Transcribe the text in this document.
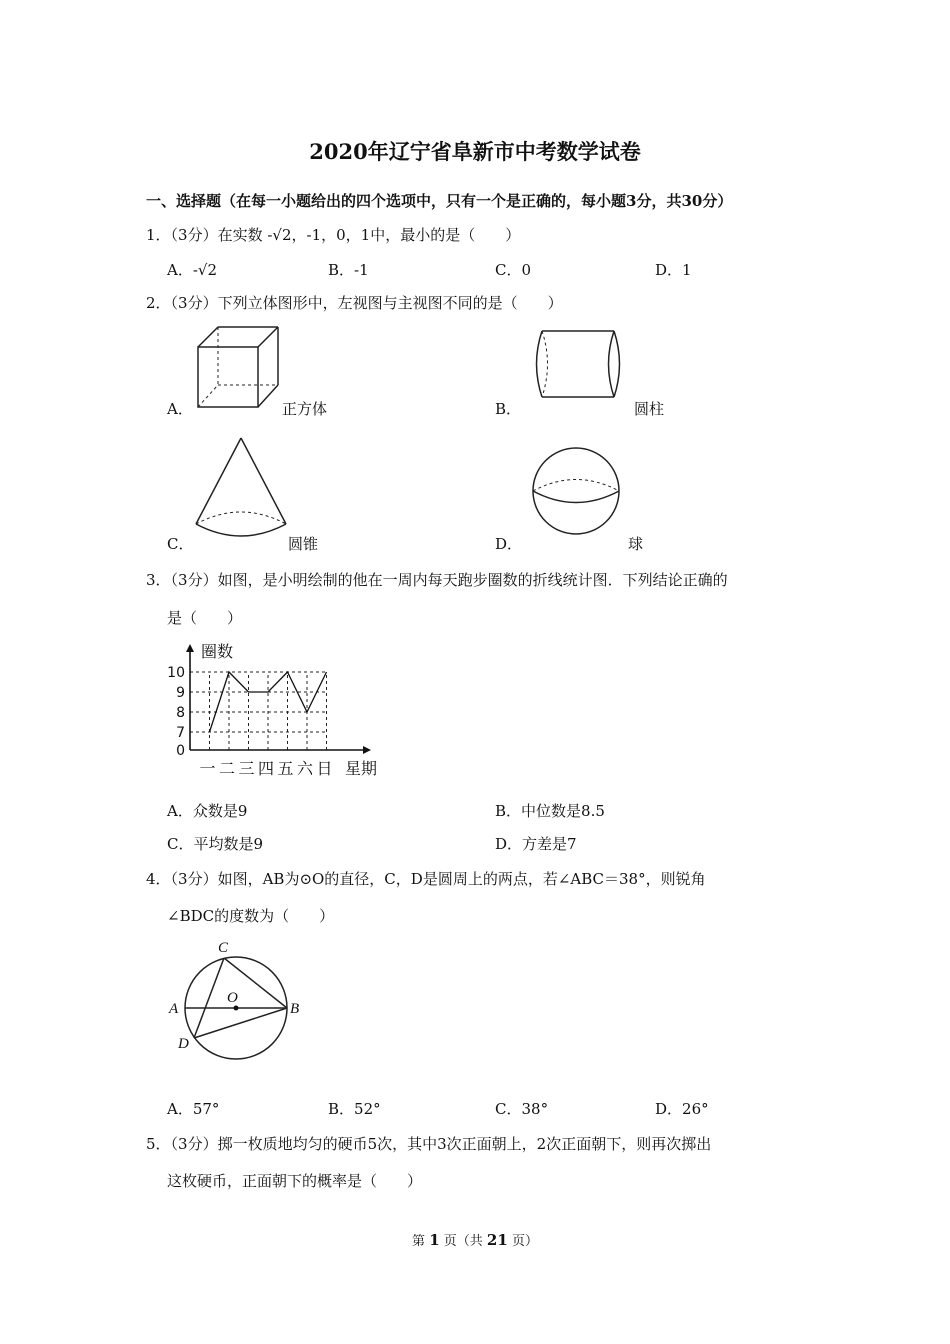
2020年辽宁省阜新市中考数学试卷
一、选择题（在每一小题给出的四个选项中，只有一个是正确的，每小题3分，共30分）
1．（3分）在实数 -√2，-1，0，1中，最小的是（　　）
A．-√2	B．-1	C．0	D．1
2．（3分）下列立体图形中，左视图与主视图不同的是（　　）
A．	正方体	B．	圆柱
C．	圆锥	D．	球
3．（3分）如图，是小明绘制的他在一周内每天跑步圈数的折线统计图．下列结论正确的
是（　　）
圈数
星期
10
9
8
7
0
一 二 三 四 五 六 日
A．众数是9	B．中位数是8.5
C．平均数是9	D．方差是7
4．（3分）如图，AB为⊙O的直径，C，D是圆周上的两点，若∠ABC＝38°，则锐角
∠BDC的度数为（　　）
C
O
A	B
D
A．57°	B．52°	C．38°	D．26°
5．（3分）掷一枚质地均匀的硬币5次，其中3次正面朝上，2次正面朝下，则再次掷出
这枚硬币，正面朝下的概率是（　　）
第 1 页（共 21 页）
